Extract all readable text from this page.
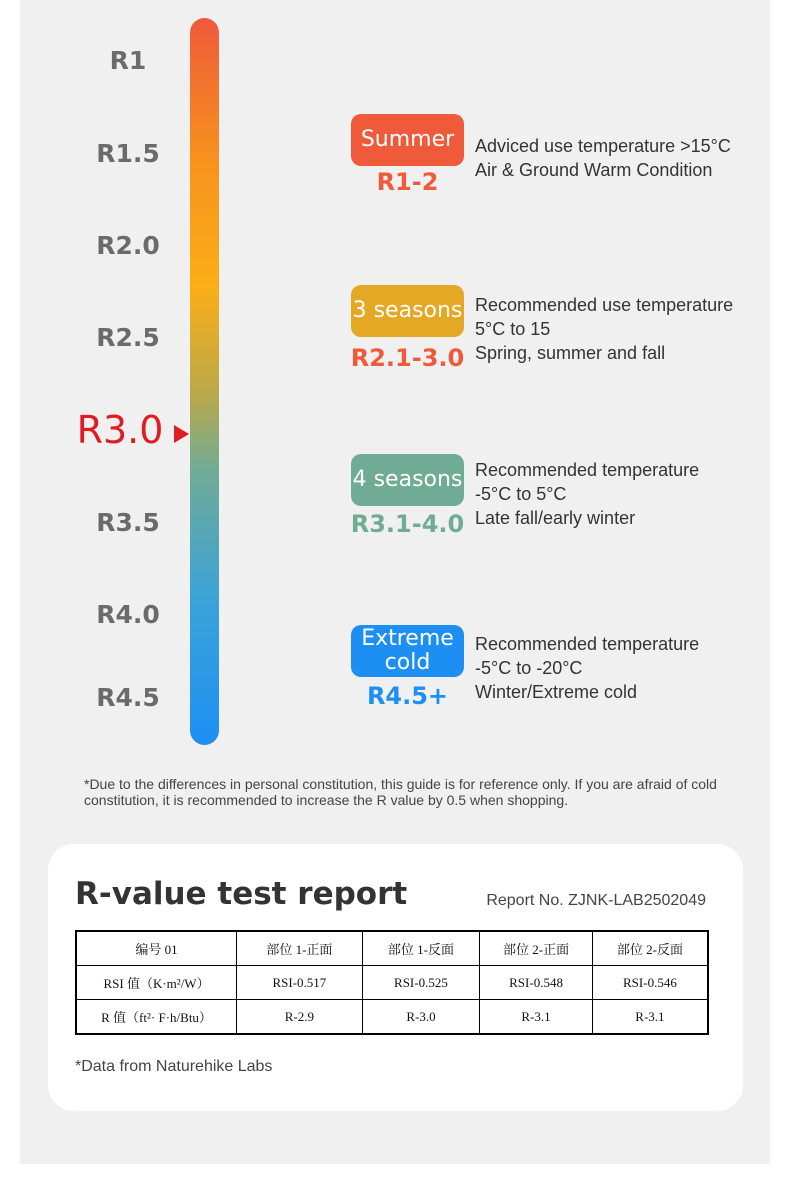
R1
R1.5
R2.0
R2.5
R3.0
R3.5
R4.0
R4.5
Summer
R1-2
Adviced use temperature >15°C
Air & Ground Warm Condition
3 seasons
R2.1-3.0
Recommended use temperature
5°C to 15
Spring, summer and fall
4 seasons
R3.1-4.0
Recommended temperature
-5°C to 5°C
Late fall/early winter
Extreme
cold
R4.5+
Recommended temperature
-5°C to -20°C
Winter/Extreme cold
*Due to the differences in personal constitution, this guide is for reference only. If you are afraid of cold constitution, it is recommended to increase the R value by 0.5 when shopping.
R-value test report	Report No. ZJNK-LAB2502049
编号 01	部位 1-正面	部位 1-反面	部位 2-正面	部位 2-反面
RSI 值（K·m²/W）	RSI-0.517	RSI-0.525	RSI-0.548	RSI-0.546
R 值（ft²· F·h/Btu）	R-2.9	R-3.0	R-3.1	R-3.1
*Data from Naturehike Labs
